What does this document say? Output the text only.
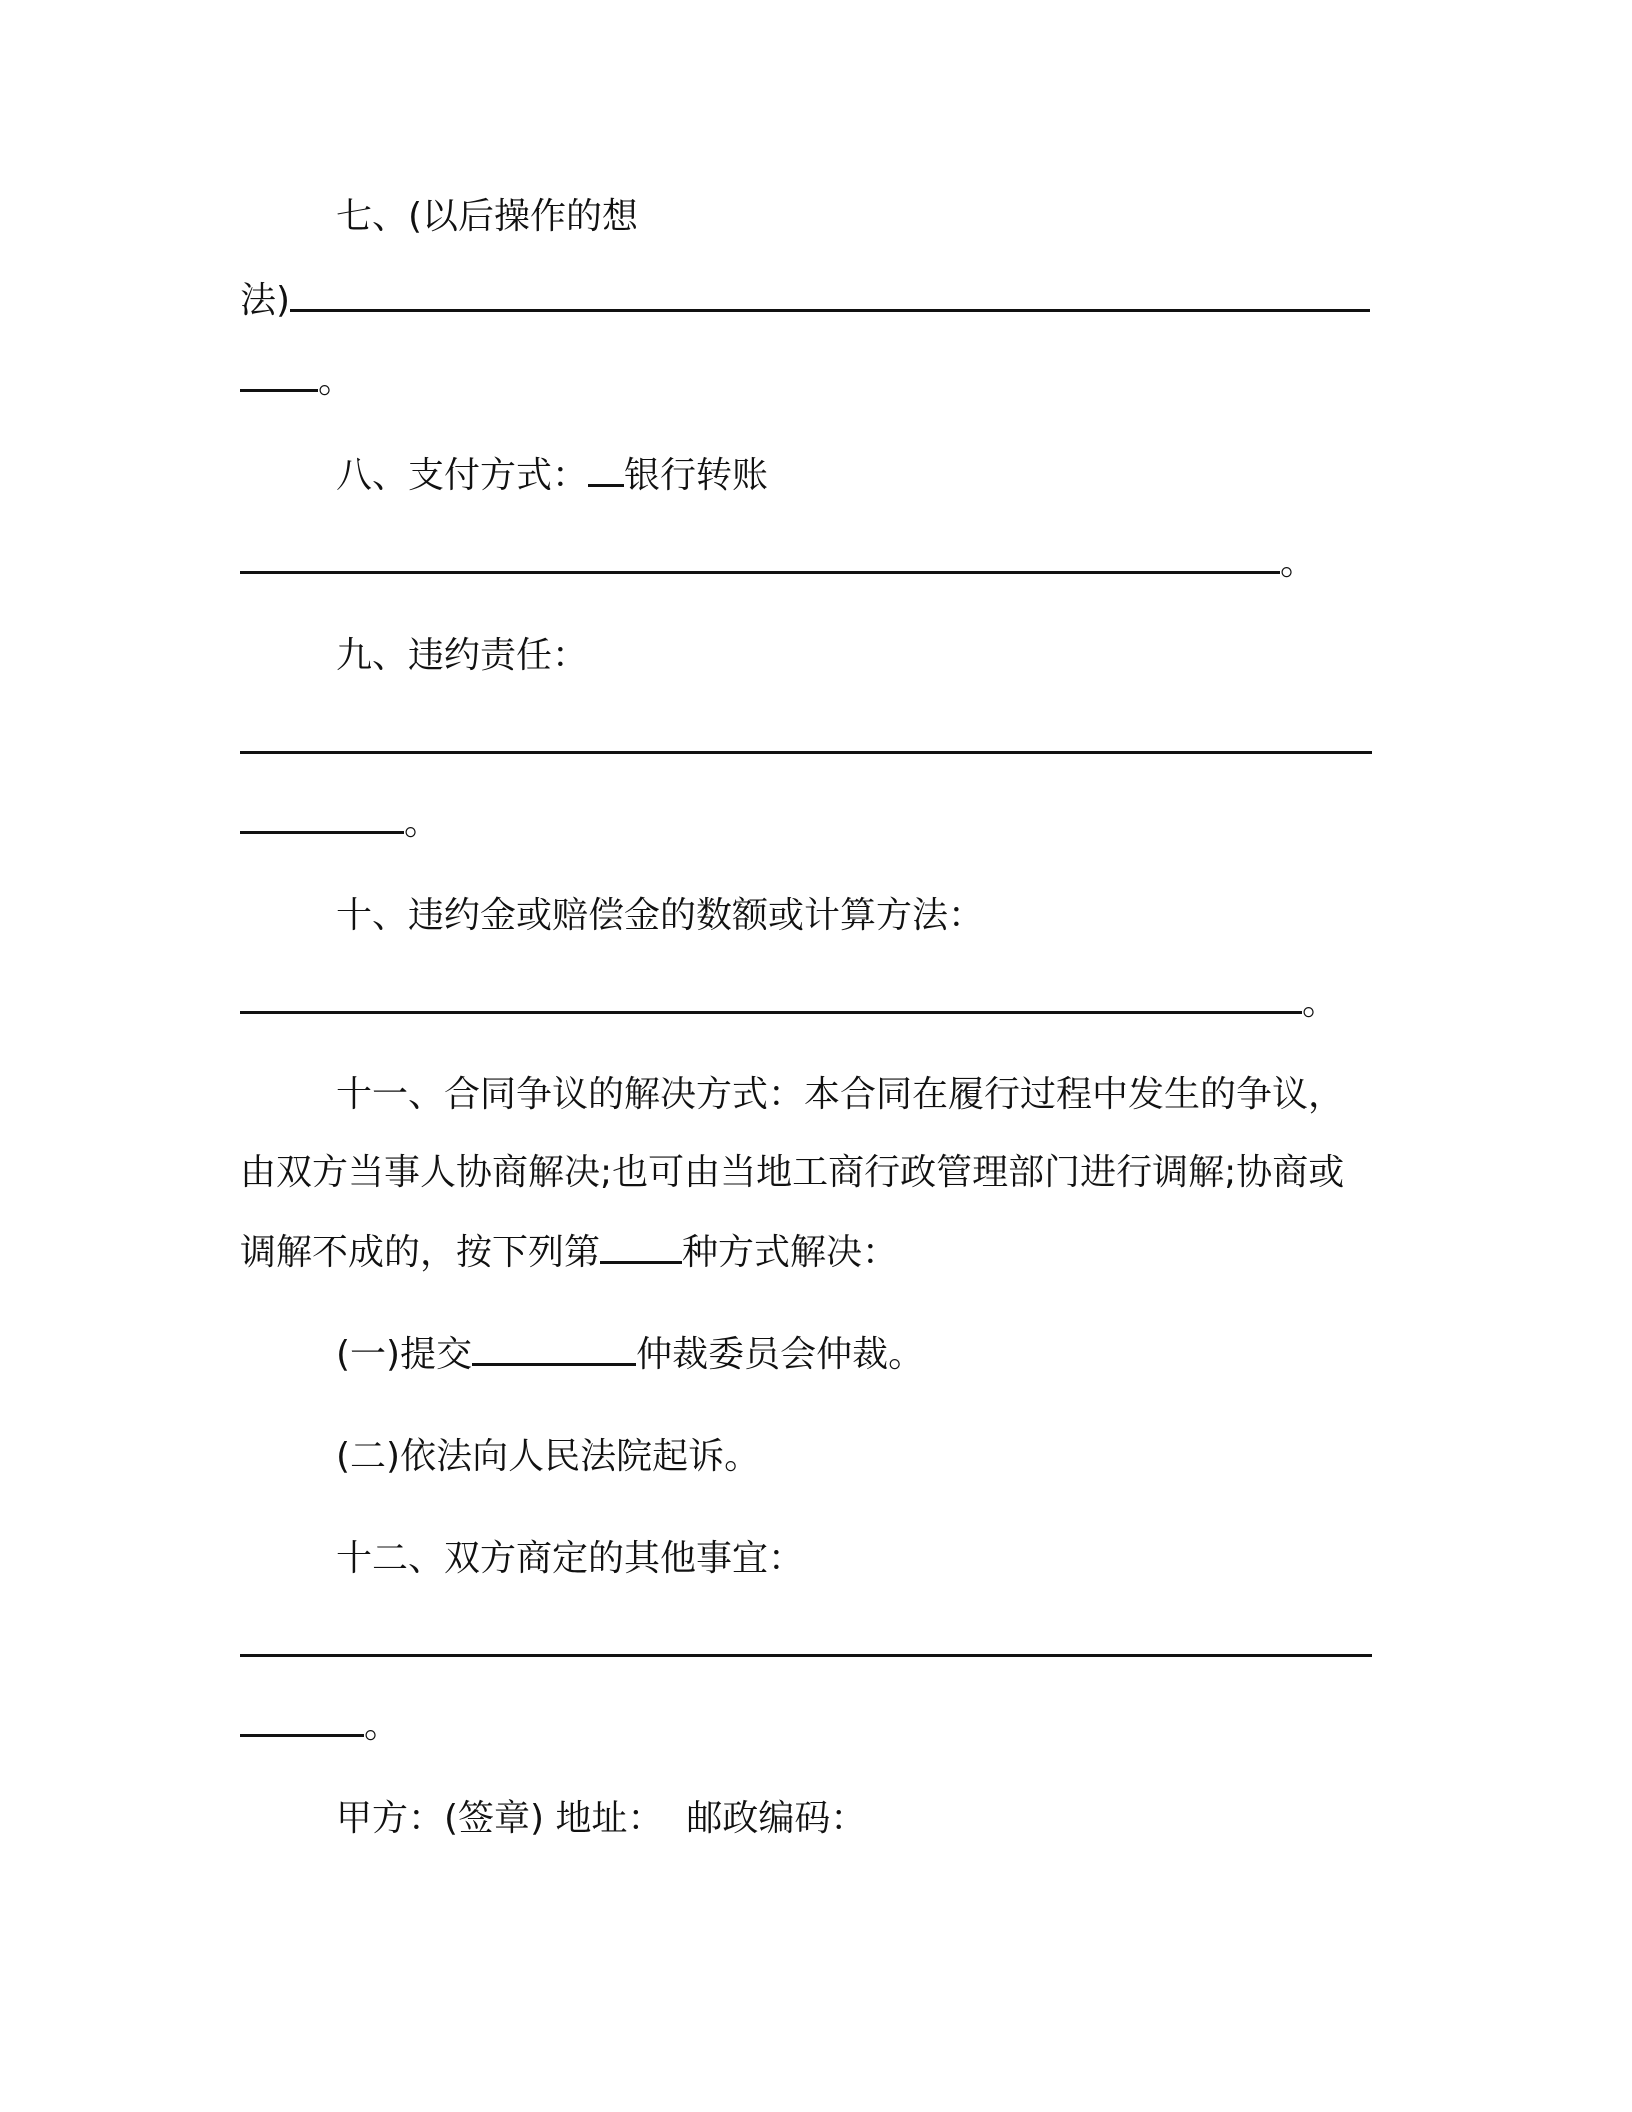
七、(以后操作的想
法)
。
八、支付方式： 银行转账
。
九、违约责任：
。
十、违约金或赔偿金的数额或计算方法：
。
十一、合同争议的解决方式：本合同在履行过程中发生的争议，
由双方当事人协商解决;也可由当地工商行政管理部门进行调解;协商或
调解不成的，按下列第 种方式解决：
(一)提交	仲裁委员会仲裁。
(二)依法向人民法院起诉。
十二、双方商定的其他事宜：
。
甲方：(签章) 地址：  邮政编码：
